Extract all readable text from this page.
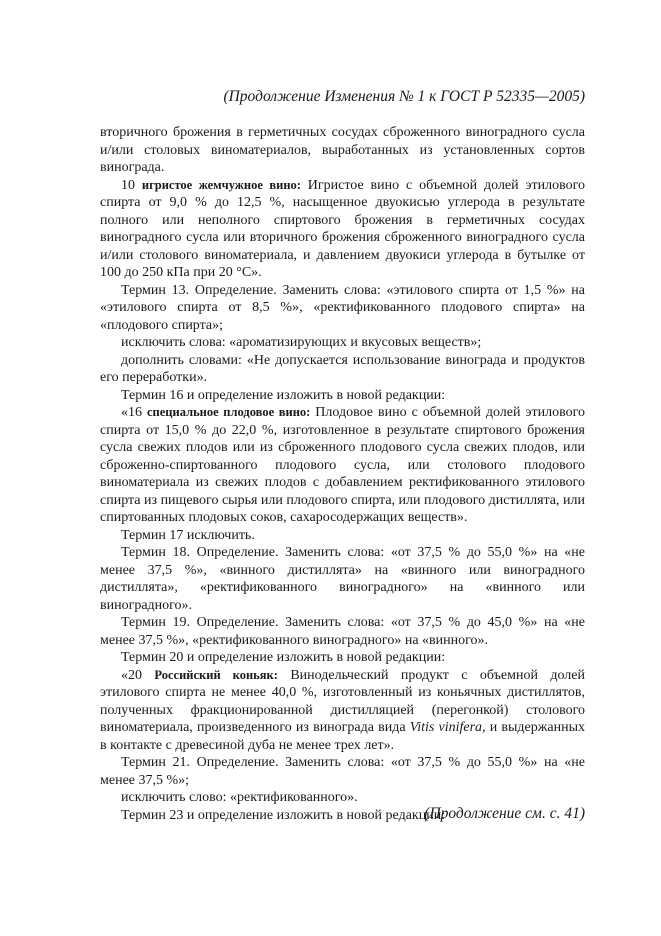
(Продолжение Изменения № 1 к ГОСТ Р 52335—2005)

вторичного брожения в герметичных сосудах сброженного виноградного сусла и/или столовых виноматериалов, выработанных из установленных сортов винограда.

10 игристое жемчужное вино: Игристое вино с объемной долей этилового спирта от 9,0 % до 12,5 %, насыщенное двуокисью углерода в результате полного или неполного спиртового брожения в герметичных сосудах виноградного сусла или вторичного брожения сброженного виноградного сусла и/или столового виноматериала, и давлением двуокиси углерода в бутылке от 100 до 250 кПа при 20 °С».

Термин 13. Определение. Заменить слова: «этилового спирта от 1,5 %» на «этилового спирта от 8,5 %», «ректификованного плодового спирта» на «плодового спирта»;

исключить слова: «ароматизирующих и вкусовых веществ»;

дополнить словами: «Не допускается использование винограда и продуктов его переработки».

Термин 16 и определение изложить в новой редакции:

«16 специальное плодовое вино: Плодовое вино с объемной долей этилового спирта от 15,0 % до 22,0 %, изготовленное в результате спиртового брожения сусла свежих плодов или из сброженного плодового сусла свежих плодов, или сброженно-спиртованного плодового сусла, или столового плодового виноматериала из свежих плодов с добавлением ректификованного этилового спирта из пищевого сырья или плодового спирта, или плодового дистиллята, или спиртованных плодовых соков, сахаросодержащих веществ».

Термин 17 исключить.

Термин 18. Определение. Заменить слова: «от 37,5 % до 55,0 %» на «не менее 37,5 %», «винного дистиллята» на «винного или виноградного дистиллята», «ректификованного виноградного» на «винного или виноградного».

Термин 19. Определение. Заменить слова: «от 37,5 % до 45,0 %» на «не менее 37,5 %», «ректификованного виноградного» на «винного».

Термин 20 и определение изложить в новой редакции:

«20 Российский коньяк: Винодельческий продукт с объемной долей этилового спирта не менее 40,0 %, изготовленный из коньячных дистиллятов, полученных фракционированной дистилляцией (перегонкой) столового виноматериала, произведенного из винограда вида Vitis vinifera, и выдержанных в контакте с древесиной дуба не менее трех лет».

Термин 21. Определение. Заменить слова: «от 37,5 % до 55,0 %» на «не менее 37,5 %»;

исключить слово: «ректификованного».

Термин 23 и определение изложить в новой редакции:

(Продолжение см. с. 41)
